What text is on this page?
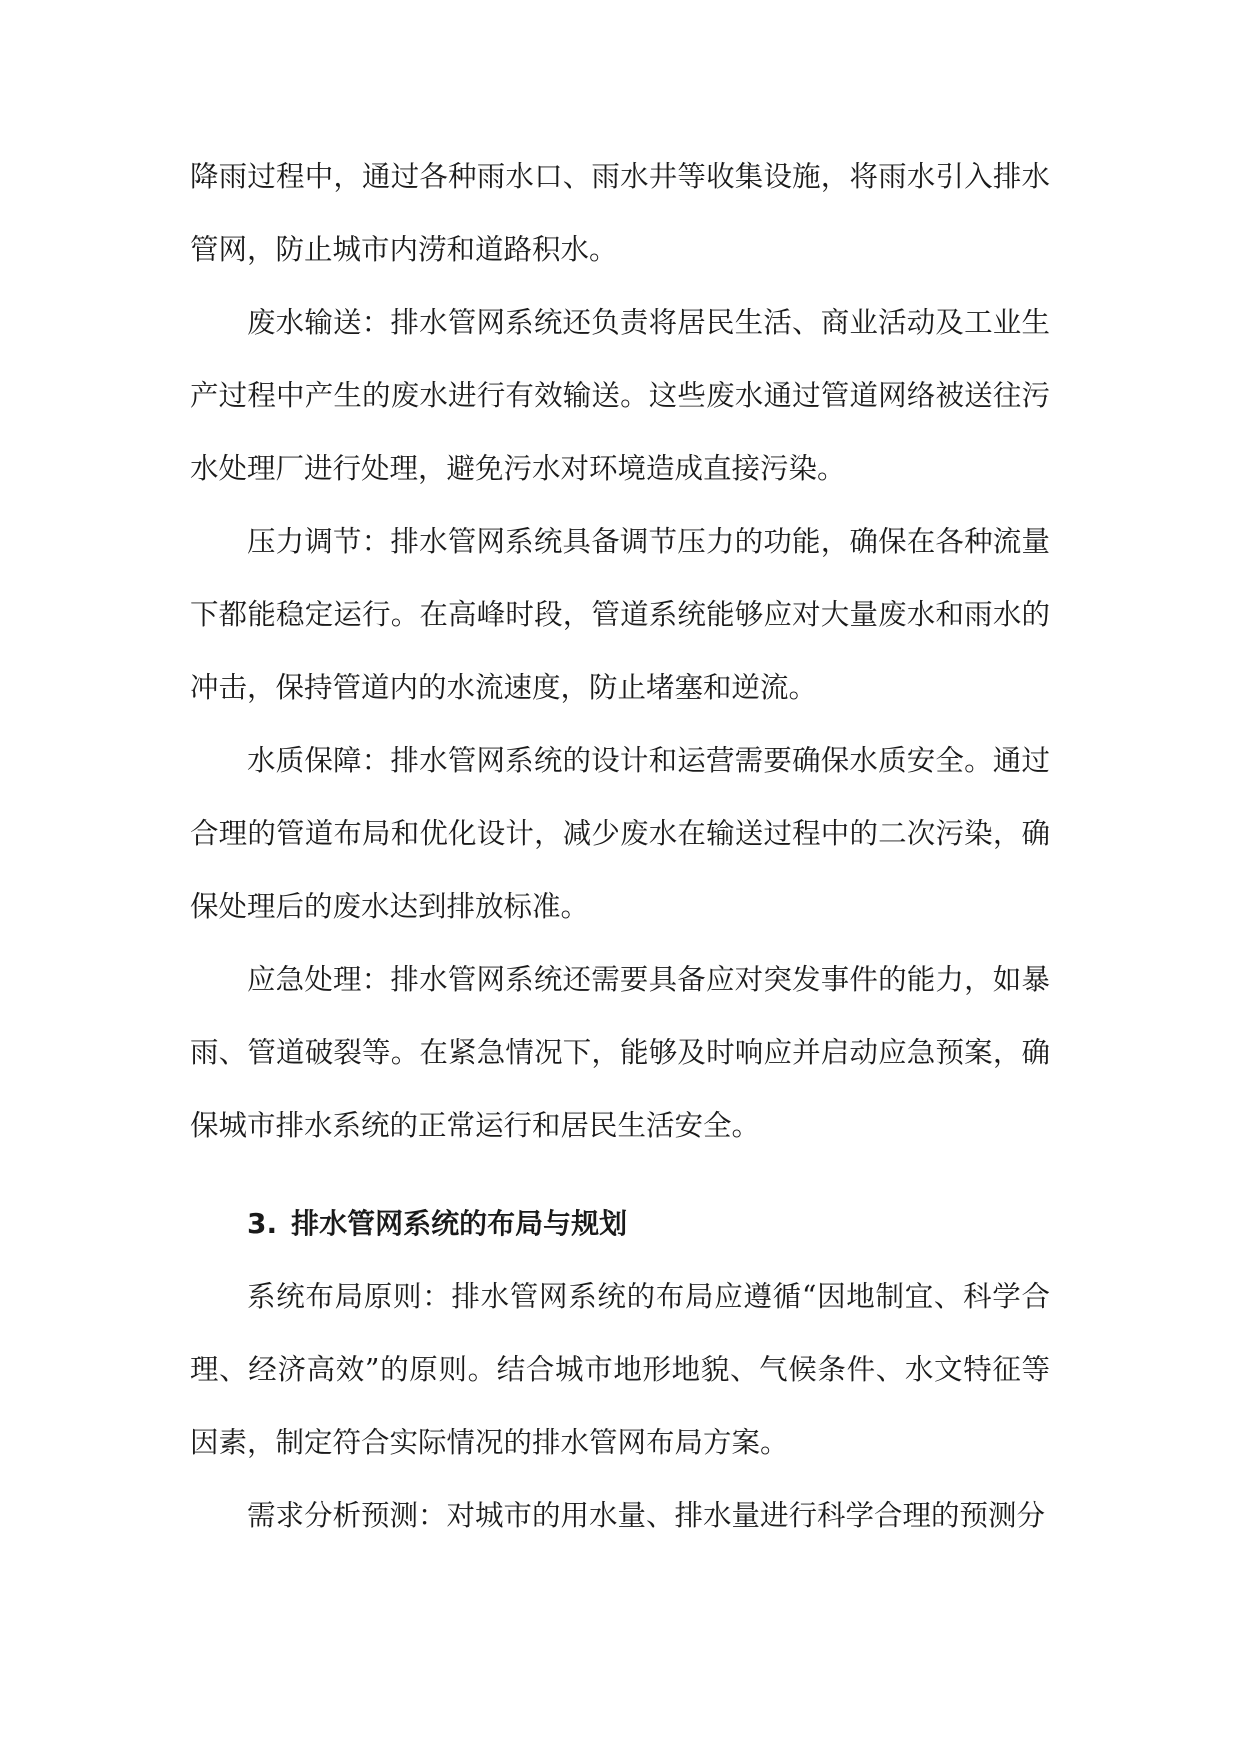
降雨过程中，通过各种雨水口、雨水井等收集设施，将雨水引入排水管网，防止城市内涝和道路积水。

废水输送：排水管网系统还负责将居民生活、商业活动及工业生产过程中产生的废水进行有效输送。这些废水通过管道网络被送往污水处理厂进行处理，避免污水对环境造成直接污染。

压力调节：排水管网系统具备调节压力的功能，确保在各种流量下都能稳定运行。在高峰时段，管道系统能够应对大量废水和雨水的冲击，保持管道内的水流速度，防止堵塞和逆流。

水质保障：排水管网系统的设计和运营需要确保水质安全。通过合理的管道布局和优化设计，减少废水在输送过程中的二次污染，确保处理后的废水达到排放标准。

应急处理：排水管网系统还需要具备应对突发事件的能力，如暴雨、管道破裂等。在紧急情况下，能够及时响应并启动应急预案，确保城市排水系统的正常运行和居民生活安全。

3. 排水管网系统的布局与规划

系统布局原则：排水管网系统的布局应遵循“因地制宜、科学合理、经济高效”的原则。结合城市地形地貌、气候条件、水文特征等因素，制定符合实际情况的排水管网布局方案。

需求分析预测：对城市的用水量、排水量进行科学合理的预测分
